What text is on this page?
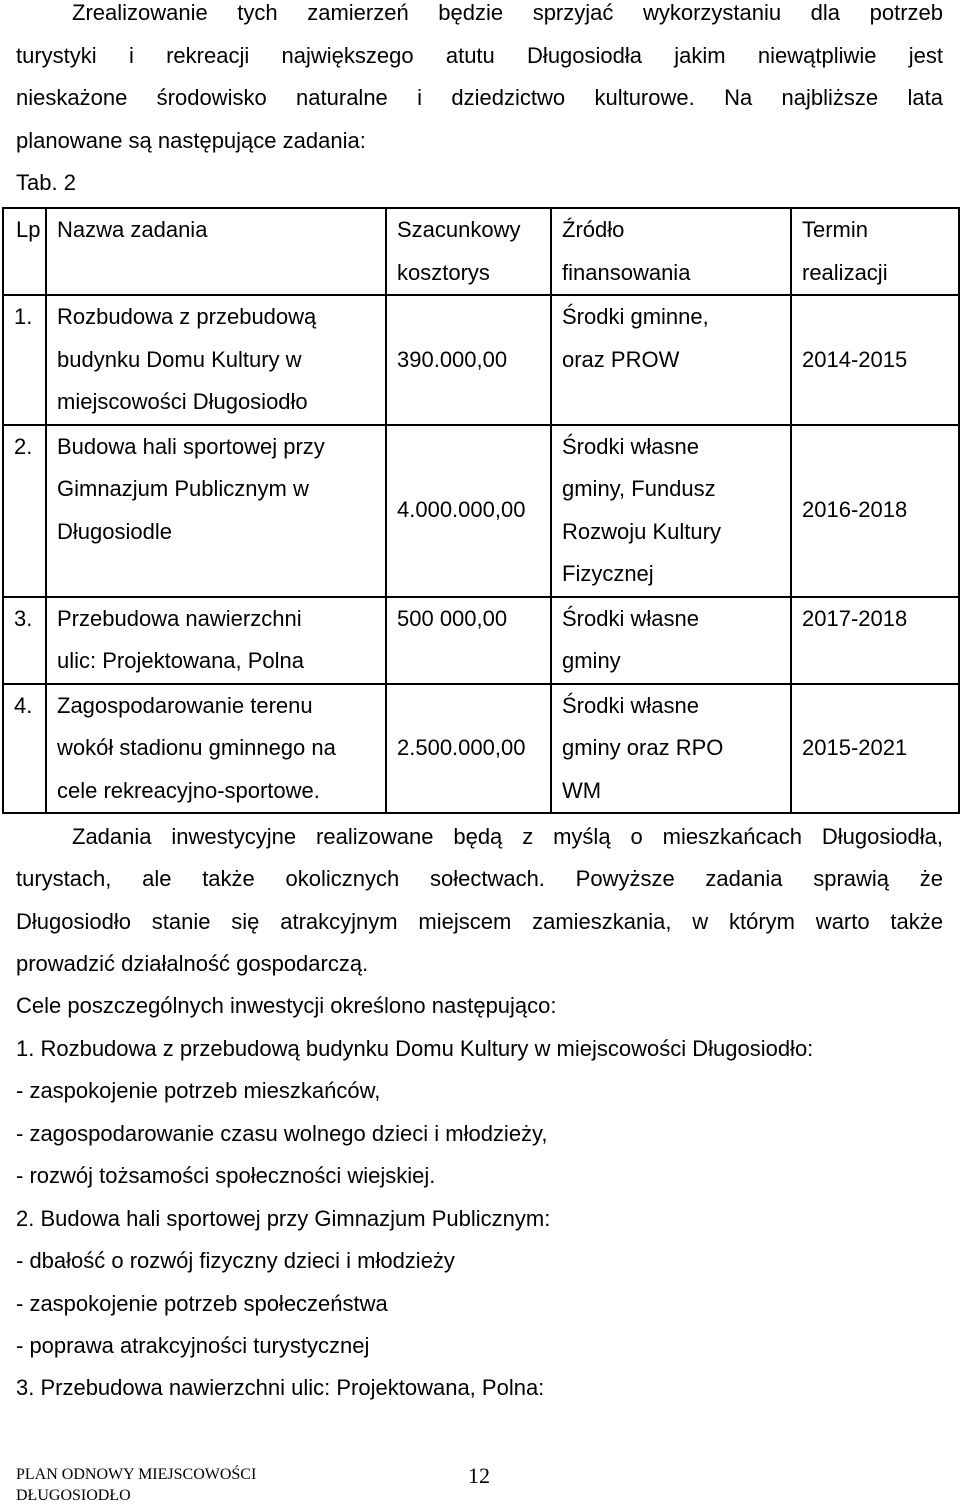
Zrealizowanie tych zamierzeń będzie sprzyjać wykorzystaniu dla potrzeb
turystyki i rekreacji największego atutu Długosiodła jakim niewątpliwie jest
nieskażone środowisko naturalne i dziedzictwo kulturowe. Na najbliższe lata
planowane są następujące zadania:
Tab. 2
Lp	Nazwa zadania	Szacunkowy kosztorys	Źródło finansowania	Termin realizacji
1.	Rozbudowa z przebudową budynku Domu Kultury w miejscowości Długosiodło	390.000,00	Środki gminne, oraz PROW	2014-2015
2.	Budowa hali sportowej przy Gimnazjum Publicznym w Długosiodle	4.000.000,00	Środki własne gminy, Fundusz Rozwoju Kultury Fizycznej	2016-2018
3.	Przebudowa nawierzchni ulic: Projektowana, Polna	500 000,00	Środki własne gminy	2017-2018
4.	Zagospodarowanie terenu wokół stadionu gminnego na cele rekreacyjno-sportowe.	2.500.000,00	Środki własne gminy oraz RPO WM	2015-2021
Zadania inwestycyjne realizowane będą z myślą o mieszkańcach Długosiodła,
turystach, ale także okolicznych sołectwach. Powyższe zadania sprawią że
Długosiodło stanie się atrakcyjnym miejscem zamieszkania, w którym warto także
prowadzić działalność gospodarczą.
Cele poszczególnych inwestycji określono następująco:
1. Rozbudowa z przebudową budynku Domu Kultury w miejscowości Długosiodło:
- zaspokojenie potrzeb mieszkańców,
- zagospodarowanie czasu wolnego dzieci i młodzieży,
- rozwój tożsamości społeczności wiejskiej.
2. Budowa hali sportowej przy Gimnazjum Publicznym:
- dbałość o rozwój fizyczny dzieci i młodzieży
- zaspokojenie potrzeb społeczeństwa
- poprawa atrakcyjności turystycznej
3. Przebudowa nawierzchni ulic: Projektowana, Polna:
PLAN ODNOWY MIEJSCOWOŚCI
DŁUGOSIODŁO
12
